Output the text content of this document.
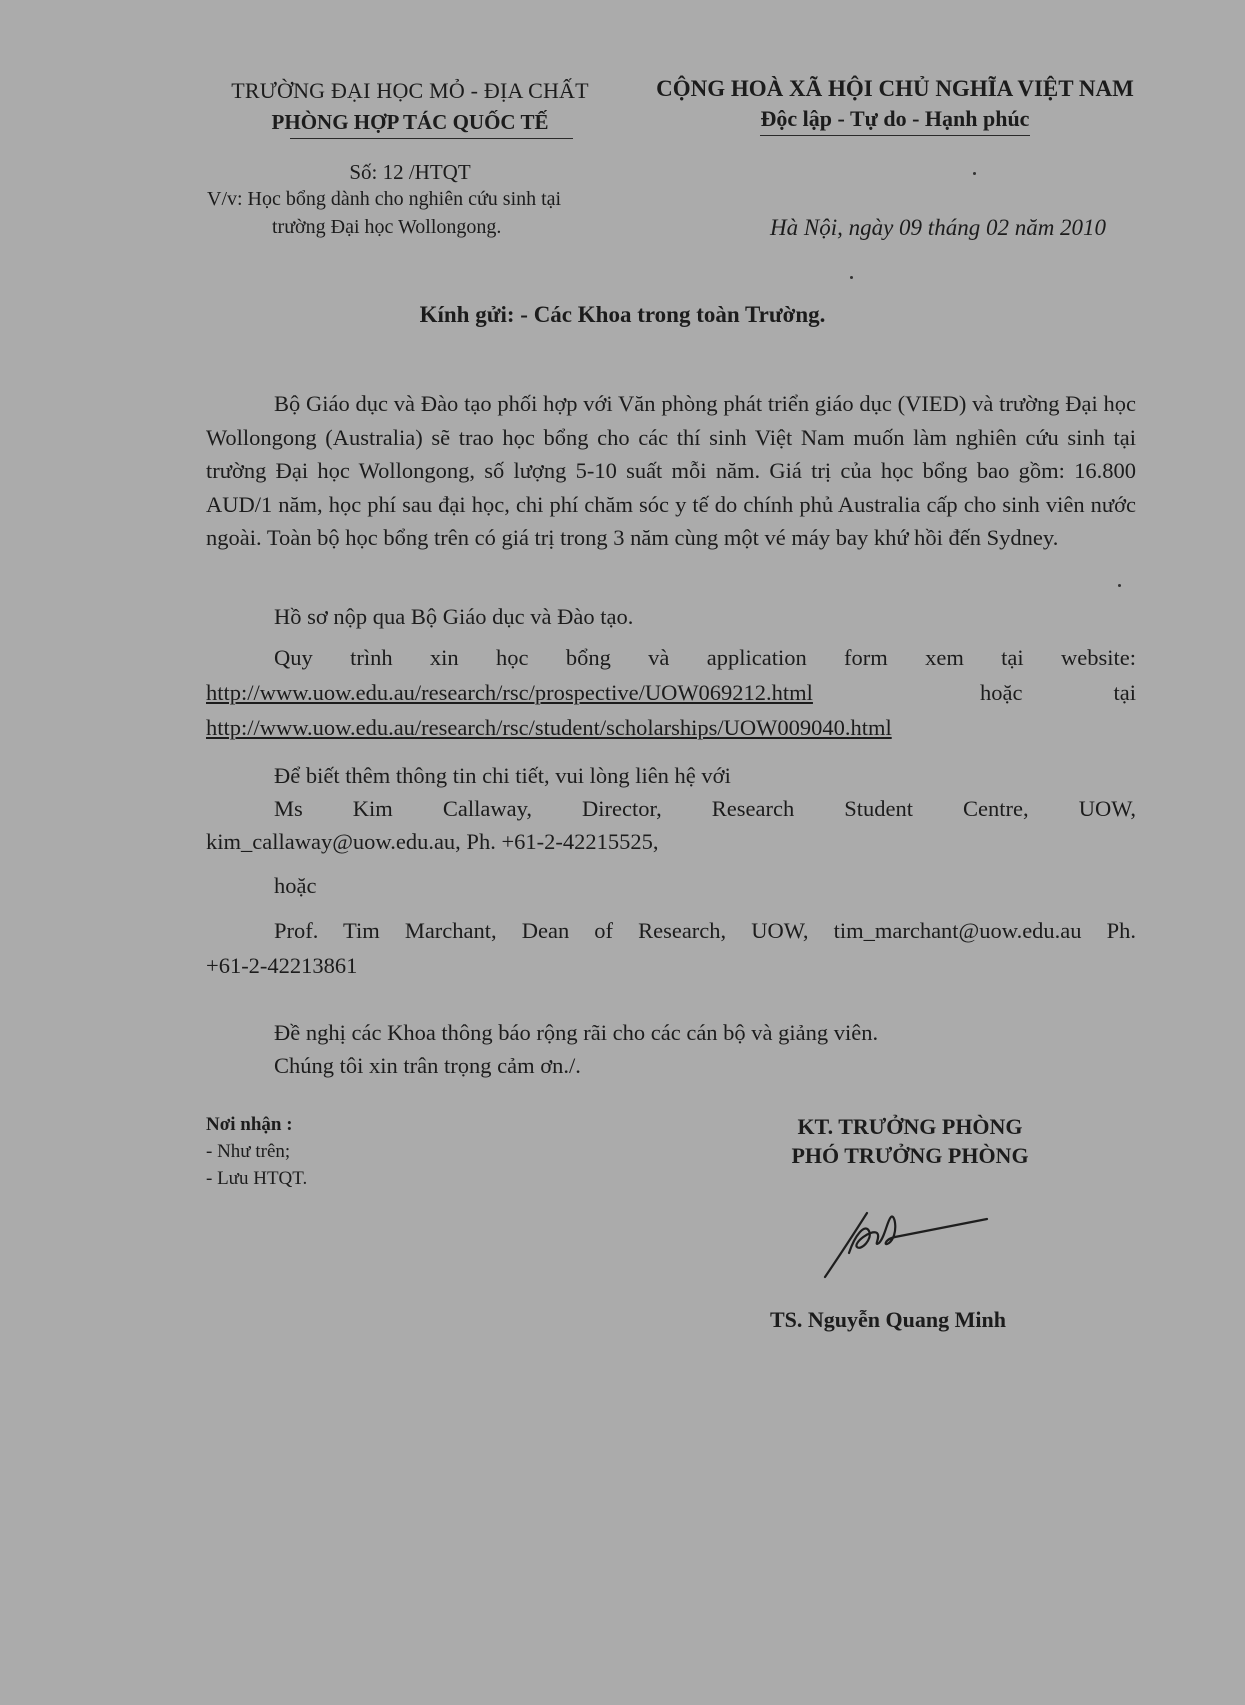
TRƯỜNG ĐẠI HỌC MỎ - ĐỊA CHẤT
PHÒNG HỢP TÁC QUỐC TẾ
CỘNG HOÀ XÃ HỘI CHỦ NGHĨA VIỆT NAM
Độc lập - Tự do - Hạnh phúc
Số: 12 /HTQT
V/v: Học bổng dành cho nghiên cứu sinh tại
trường Đại học Wollongong.	Hà Nội, ngày 09 tháng 02 năm 2010
Kính gửi: - Các Khoa trong toàn Trường.
Bộ Giáo dục và Đào tạo phối hợp với Văn phòng phát triển giáo dục (VIED) và trường Đại học Wollongong (Australia) sẽ trao học bổng cho các thí sinh Việt Nam muốn làm nghiên cứu sinh tại trường Đại học Wollongong, số lượng 5-10 suất mỗi năm. Giá trị của học bổng bao gồm: 16.800 AUD/1 năm, học phí sau đại học, chi phí chăm sóc y tế do chính phủ Australia cấp cho sinh viên nước ngoài. Toàn bộ học bổng trên có giá trị trong 3 năm cùng một vé máy bay khứ hồi đến Sydney.
Hồ sơ nộp qua Bộ Giáo dục và Đào tạo.
Quy trình xin học bổng và application form xem tại website:
http://www.uow.edu.au/research/rsc/prospective/UOW069212.html	hoặc tại
http://www.uow.edu.au/research/rsc/student/scholarships/UOW009040.html
Để biết thêm thông tin chi tiết, vui lòng liên hệ với
Ms Kim Callaway, Director, Research Student Centre, UOW,
kim_callaway@uow.edu.au, Ph. +61-2-42215525,
hoặc
Prof. Tim Marchant, Dean of Research, UOW, tim_marchant@uow.edu.au Ph.
+61-2-42213861
Đề nghị các Khoa thông báo rộng rãi cho các cán bộ và giảng viên.
Chúng tôi xin trân trọng cảm ơn./.
Nơi nhận :
- Như trên;
- Lưu HTQT.
KT. TRƯỞNG PHÒNG
PHÓ TRƯỞNG PHÒNG
TS. Nguyễn Quang Minh
